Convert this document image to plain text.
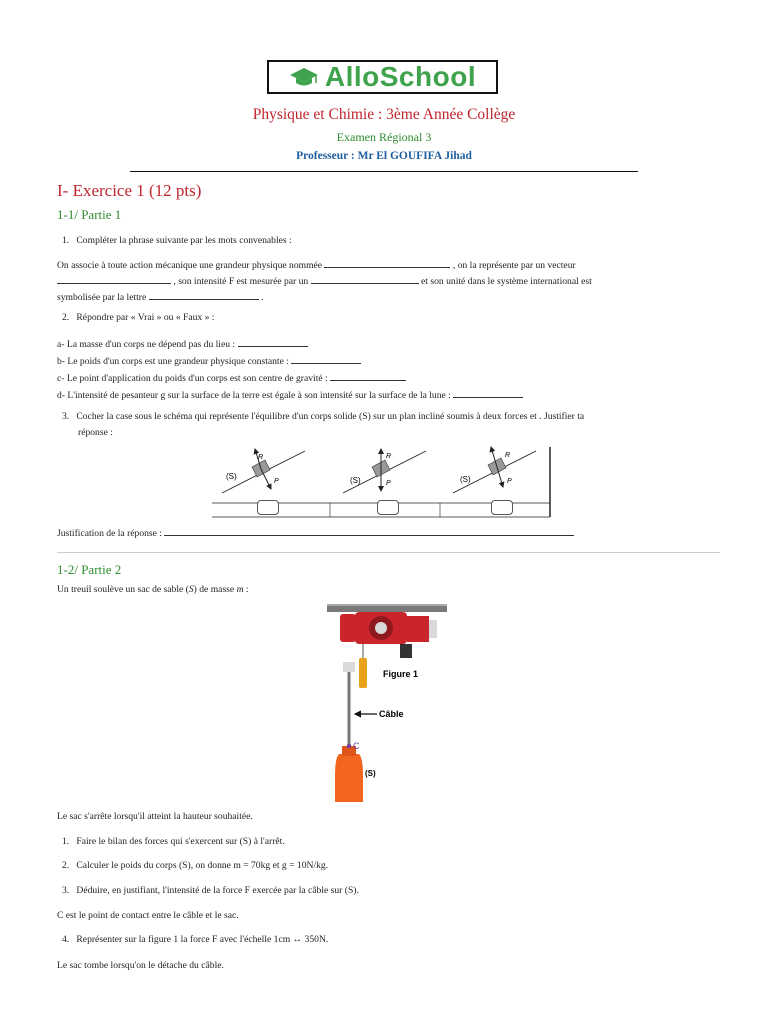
AlloSchool
Physique et Chimie : 3ème Année Collège
Examen Régional 3
Professeur : Mr El GOUFIFA Jihad
I- Exercice 1 (12 pts)
1-1/ Partie 1
1. Compléter la phrase suivante par les mots convenables :
On associe à toute action mécanique une grandeur physique nommée	, on la représente par un vecteur
, son intensité F est mesurée par un	et son unité dans le système international est
symbolisée par la lettre	.
2. Répondre par « Vrai » ou « Faux » :
a- La masse d'un corps ne dépend pas du lieu :
b- Le poids d'un corps est une grandeur physique constante :
c- Le point d'application du poids d'un corps est son centre de gravité :
d- L'intensité de pesanteur g sur la surface de la terre est égale à son intensité sur la surface de la lune :
3. Cocher la case sous le schéma qui représente l'équilibre d'un corps solide (S) sur un plan incliné soumis à deux forces et . Justifier ta
réponse :
(S)
R
P	(S)
R
P	(S)
R
P
Justification de la réponse :
1-2/ Partie 2
Un treuil soulève un sac de sable (S) de masse m :
Figure 1
Câble
C
(S)
Le sac s'arrête lorsqu'il atteint la hauteur souhaitée.
1. Faire le bilan des forces qui s'exercent sur (S) à l'arrêt.
2. Calculer le poids du corps (S), on donne m = 70kg et g = 10N/kg.
3. Déduire, en justifiant, l'intensité de la force F exercée par la câble sur (S).
C est le point de contact entre le câble et le sac.
4. Représenter sur la figure 1 la force F avec l'échelle 1cm ↔ 350N.
Le sac tombe lorsqu'on le détache du câble.
